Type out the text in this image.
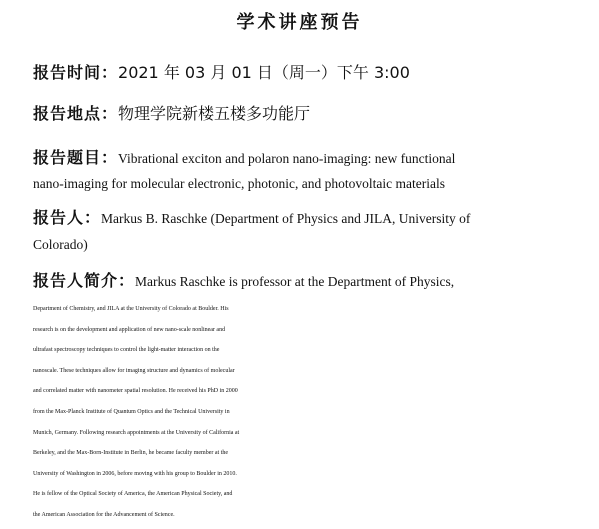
学术讲座预告
报告时间：2021 年 03 月 01 日（周一）下午 3:00
报告地点：物理学院新楼五楼多功能厅
报告题目：Vibrational exciton and polaron nano-imaging: new functional
nano-imaging for molecular electronic, photonic, and photovoltaic materials
报告人：Markus B. Raschke (Department of Physics and JILA, University of
Colorado)
报告人简介：Markus Raschke is professor at the Department of Physics,
Department of Chemistry, and JILA at the University of Colorado at Boulder. His
research is on the development and application of new nano-scale nonlinear and
ultrafast spectroscopy techniques to control the light-matter interaction on the
nanoscale. These techniques allow for imaging structure and dynamics of molecular
and correlated matter with nanometer spatial resolution. He received his PhD in 2000
from the Max-Planck Institute of Quantum Optics and the Technical University in
Munich, Germany. Following research appointments at the University of California at
Berkeley, and the Max-Born-Institute in Berlin, he became faculty member at the
University of Washington in 2006, before moving with his group to Boulder in 2010.
He is fellow of the Optical Society of America, the American Physical Society, and
the American Association for the Advancement of Science.
